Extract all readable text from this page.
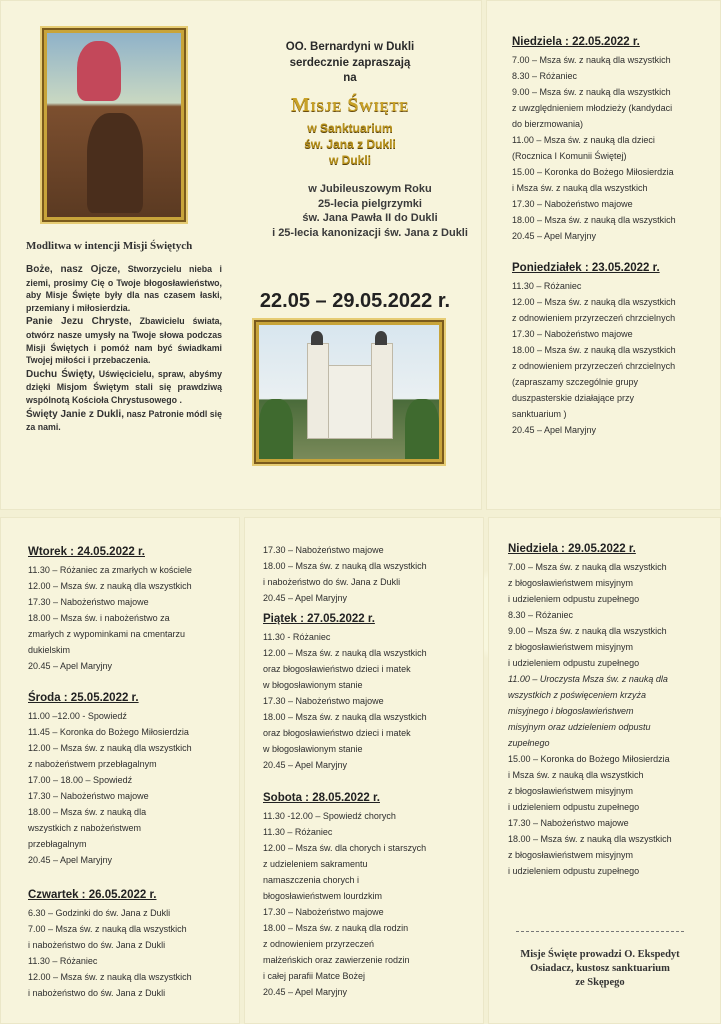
OO. Bernardyni w Dukli
serdecznie zapraszają
na
Misje Święte
w Sanktuarium
św. Jana z Dukli
w Dukli
w Jubileuszowym Roku
25-lecia pielgrzymki
św. Jana Pawła II do Dukli
i 25-lecia kanonizacji św. Jana z Dukli
22.05 – 29.05.2022 r.
Modlitwa w intencji Misji Świętych

Boże, nasz Ojcze, Stworzycielu nieba i ziemi, prosimy Cię o Twoje błogosławieństwo, aby Misje Święte były dla nas czasem łaski, przemiany i miłosierdzia.

Panie Jezu Chryste, Zbawicielu świata, otwórz nasze umysły na Twoje słowa podczas Misji Świętych i pomóż nam być świadkami Twojej miłości i przebaczenia.

Duchu Święty, Uświęcicielu, spraw, abyśmy dzięki Misjom Świętym stali się prawdziwą wspólnotą Kościoła Chrystusowego .

Święty Janie z Dukli, nasz Patronie módl się za nami.

Niedziela : 22.05.2022 r.
7.00 – Msza św. z nauką dla wszystkich
8.30 – Różaniec
9.00 – Msza św. z nauką dla wszystkich
z uwzględnieniem młodzieży (kandydaci
do bierzmowania)
11.00 – Msza św. z nauką dla dzieci
(Rocznica I Komunii Świętej)
15.00 – Koronka do Bożego Miłosierdzia
i Msza św. z nauką dla wszystkich
17.30 – Nabożeństwo majowe
18.00 – Msza św. z nauką dla wszystkich
20.45 – Apel Maryjny
Poniedziałek : 23.05.2022 r.
11.30 – Różaniec
12.00 – Msza św. z nauką dla wszystkich
z odnowieniem przyrzeczeń chrzcielnych
17.30 – Nabożeństwo majowe
18.00 – Msza św. z nauką dla wszystkich
z odnowieniem przyrzeczeń chrzcielnych
(zapraszamy szczególnie grupy
duszpasterskie działające przy
sanktuarium )
20.45 – Apel Maryjny
Wtorek : 24.05.2022 r.
11.30 – Różaniec za zmarłych w kościele
12.00 – Msza św. z nauką dla wszystkich
17.30 – Nabożeństwo majowe
18.00 – Msza św. i nabożeństwo za
zmarłych z wypominkami na cmentarzu
dukielskim
20.45 – Apel Maryjny
Środa : 25.05.2022 r.
11.00 –12.00 - Spowiedź
11.45 – Koronka do Bożego Miłosierdzia
12.00 – Msza św. z nauką dla wszystkich
z nabożeństwem przebłagalnym
17.00 – 18.00 – Spowiedź
17.30 – Nabożeństwo majowe
18.00 – Msza św. z nauką dla
wszystkich z nabożeństwem
przebłagalnym
20.45 – Apel Maryjny
Czwartek : 26.05.2022 r.
6.30 – Godzinki do św. Jana z Dukli
7.00 – Msza św. z nauką dla wszystkich
i nabożeństwo do św. Jana z Dukli
11.30 – Różaniec
12.00 – Msza św. z nauką dla wszystkich
i nabożeństwo do św. Jana z Dukli
17.30 – Nabożeństwo majowe
18.00 – Msza św. z nauką dla wszystkich
i nabożeństwo do św. Jana z Dukli
20.45 – Apel Maryjny
Piątek : 27.05.2022 r.
11.30 - Różaniec
12.00 – Msza św. z nauką dla wszystkich
oraz błogosławieństwo dzieci i matek
w błogosławionym stanie
17.30 – Nabożeństwo majowe
18.00 – Msza św. z nauką dla wszystkich
oraz błogosławieństwo dzieci i matek
w błogosławionym stanie
20.45 – Apel Maryjny
Sobota : 28.05.2022 r.
11.30 -12.00 – Spowiedź chorych
11.30 – Różaniec
12.00 – Msza św. dla chorych i starszych
z udzieleniem sakramentu
namaszczenia chorych i
błogosławieństwem lourdzkim
17.30 – Nabożeństwo majowe
18.00 – Msza św. z nauką dla rodzin
z odnowieniem przyrzeczeń
małżeńskich oraz zawierzenie rodzin
i całej parafii Matce Bożej
20.45 – Apel Maryjny
Niedziela : 29.05.2022 r.
7.00 – Msza św. z nauką dla wszystkich
z błogosławieństwem misyjnym
i udzieleniem odpustu zupełnego
8.30 – Różaniec
9.00 – Msza św. z nauką dla wszystkich
z błogosławieństwem misyjnym
i udzieleniem odpustu zupełnego
11.00 – Uroczysta Msza św. z nauką dla
wszystkich z poświęceniem krzyża
misyjnego i błogosławieństwem
misyjnym oraz udzieleniem odpustu
zupełnego
15.00 – Koronka do Bożego Miłosierdzia
i Msza św. z nauką dla wszystkich
z błogosławieństwem misyjnym
i udzieleniem odpustu zupełnego
17.30 – Nabożeństwo majowe
18.00 – Msza św. z nauką dla wszystkich
z błogosławieństwem misyjnym
i udzieleniem odpustu zupełnego
Misje Święte prowadzi O. Ekspedyt
Osiadacz, kustosz sanktuarium
ze Skępego
